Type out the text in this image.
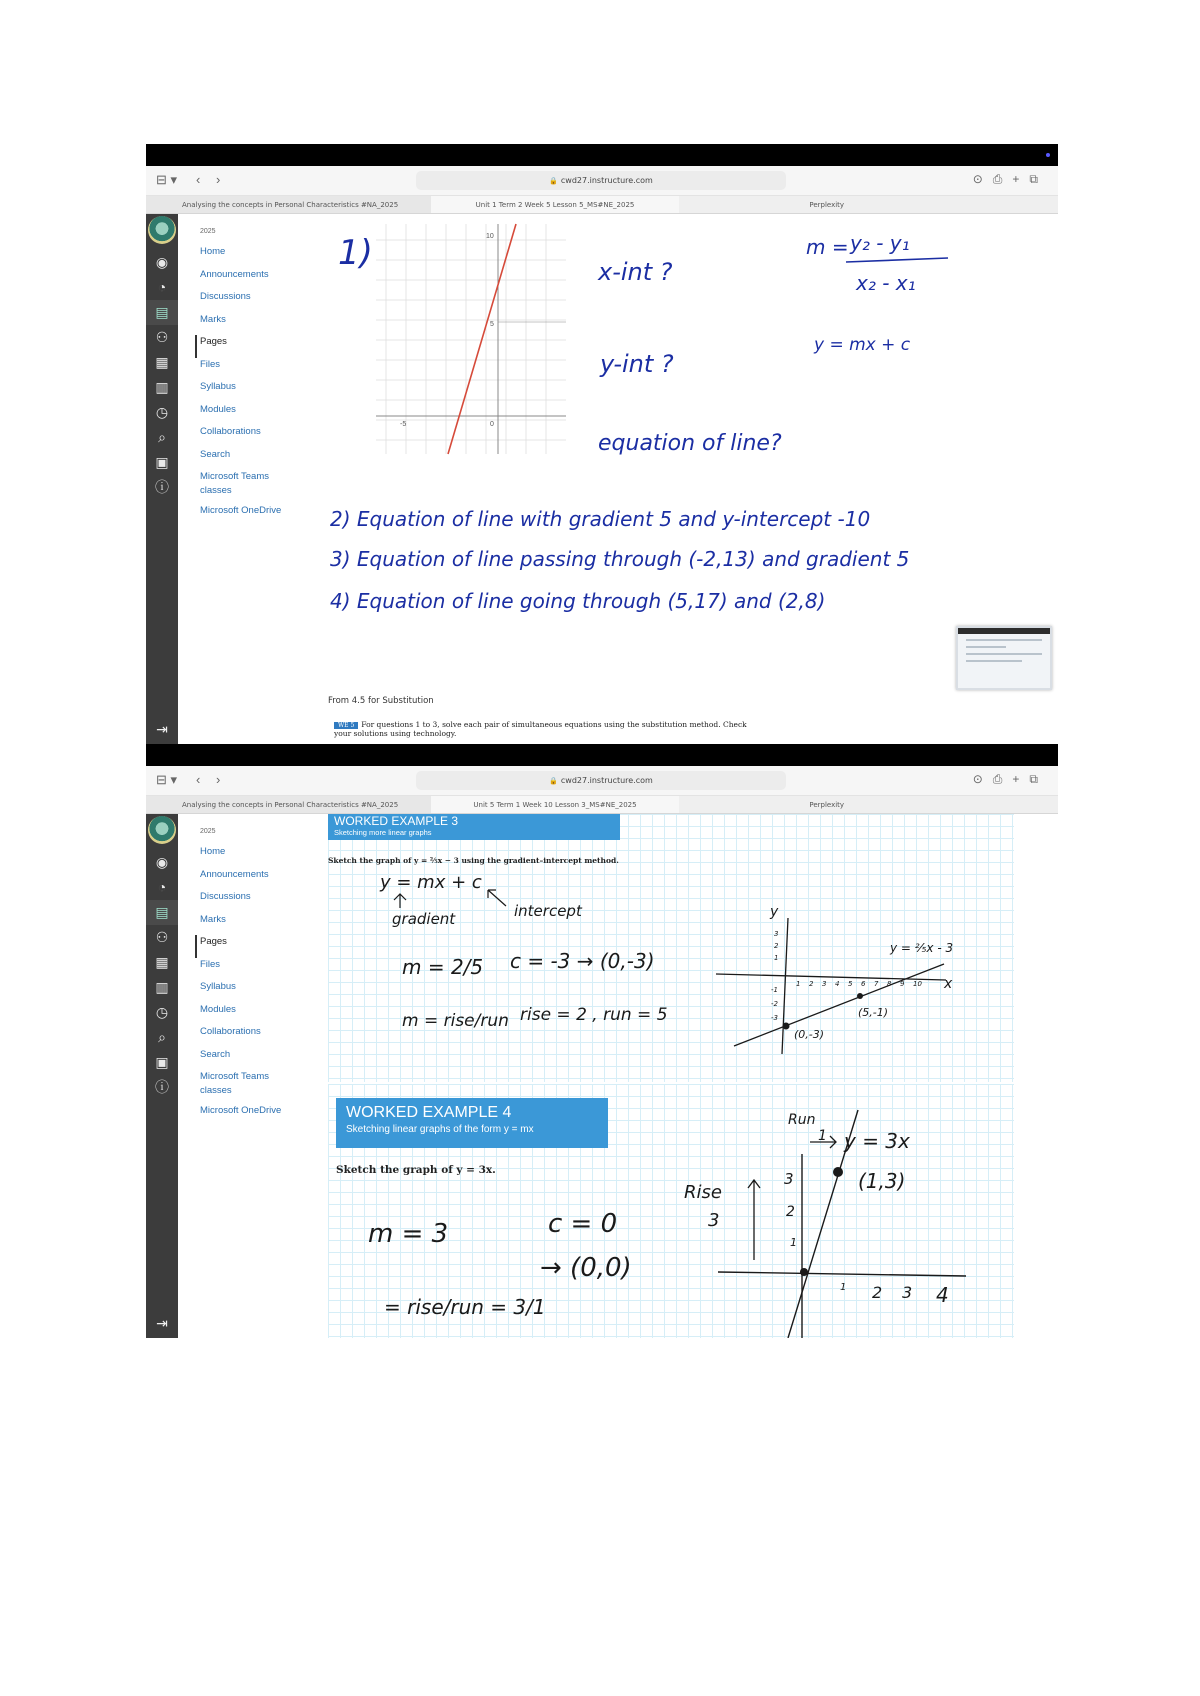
⊟ ▾ ‹ ›	🔒 cwd27.instructure.com	⊙⎙+⧉
Analysing the concepts in Personal Characteristics #NA_2025	Unit 1 Term 2 Week 5 Lesson 5_MS#NE_2025	Perplexity
◉
◔
▤
⚇
▦
▥
◷
⌕
▣
ⓘ
⇥
2025
Home
Announcements
Discussions
Marks
Pages
Files
Syllabus
Modules
Collaborations
Search
Microsoft Teams classes
Microsoft OneDrive
10
5
-5	0
1)	x-int ?
y-int ?
equation of line?
m = y₂ - y₁
x₂ - x₁
y = mx + c
2) Equation of line with gradient 5 and y-intercept -10
3) Equation of line passing through (-2,13) and gradient 5
4) Equation of line going through (5,17) and (2,8)
From 4.5 for Substitution
WE 5 For questions 1 to 3, solve each pair of simultaneous equations using the substitution method. Check your solutions using technology.
⊟ ▾ ‹ ›	🔒 cwd27.instructure.com	⊙⎙+⧉
Analysing the concepts in Personal Characteristics #NA_2025	Unit 5 Term 1 Week 10 Lesson 3_MS#NE_2025	Perplexity
◉
◔
▤
⚇
▦
▥
◷
⌕
▣
ⓘ
⇥
2025
Home
Announcements
Discussions
Marks
Pages
Files
Syllabus
Modules
Collaborations
Search
Microsoft Teams classes
Microsoft OneDrive
WORKED EXAMPLE 3
Sketching more linear graphs
Sketch the graph of y = ²⁄₅x − 3 using the gradient–intercept method.
WORKED EXAMPLE 4
Sketching linear graphs of the form y = mx
Sketch the graph of y = 3x.
y = mx + c
gradient	intercept
m = 2/5 c = -3 → (0,-3)
m = rise/run rise = 2 , run = 5
y
x
y = ²⁄₅x - 3
(5,-1)
(0,-3)
3
2
1
-1
-2
-3
1 2 3 4 5 6 7 8 9 10
m = 3	c = 0
→ (0,0)
= rise/run = 3/1
Run
1
Rise
3
y = 3x
(1,3)
3
2
1
1 2 3 4
